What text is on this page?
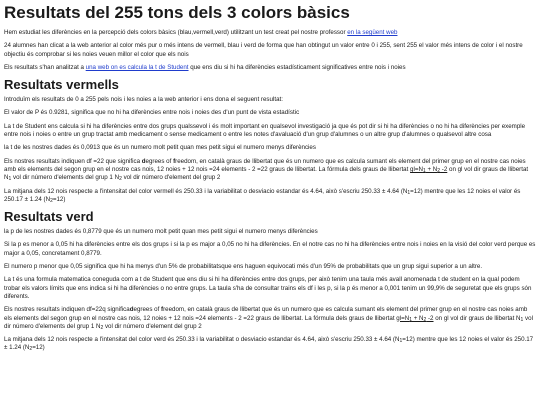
Resultats del 255 tons dels 3 colors bàsics

Hem estudiat les diferències en la percepció dels colors bàsics (blau,vermell,verd) utilitzant un test creat pel nostre professor en la següent web

24 alumnes han clicat a la web anterior al color més pur o més intens de vermell, blau i verd de forma que han obtingut un valor entre 0 i 255, sent 255 el valor més intens de color i el nostre objectiu és comprobar si les noies veuen millor el color que els nois

Els resultats s'han analitzat a una web on es calcula la t de Student que ens diu si hi ha diferències estadísticament significatives entre nois i noies

Resultats vermells

Introduïm els resultats de 0 a 255 pels nois i les noies a la web anterior i ens dona el seguent resultat:

El valor de P és 0.9281, significa que no hi ha diferències entre nois i noies des d'un punt de vista estadístic

La t de Student ens calcula si hi ha diferències entre dos grups qualssevol i és molt important en qualsevol investigació ja que és pot dir si hi ha diferències o no hi ha diferències per exemple entre nois i noies o entre un grup tractat amb medicament o sense medicament o entre les notes d'avaluació d'un grup d'alumnes o un altre grup d'alumnes o qualsevol altre cosa

la t de les nostres dades és 0,0913 que és un numero molt petit quan mes petit sigui el numero menys diferències

Els nostres resultats indiquen df =22 que significa degrees of freedom, en català graus de llibertat que és un numero que es calcula sumant els element del primer grup en el nostre cas noies amb els elements del segon grup en el nostre cas nois, 12 noies + 12 nois =24 elements - 2 =22 graus de llibertat. La fórmula dels graus de llibertat $gl=N_1 + N_2$ -2 on gl vol dir graus de llibertat $N_1$ vol dir número d'elements del grup 1 $N_2$ vol dir número d'element del grup 2

La mitjana dels 12 nois respecte a l'intensitat del color vermell és 250.33 i la variabilitat o desviacio estandar és 4.64, això s'escriu 250.33 ± 4.64 $(N_1=12)$ mentre que les 12 noies el valor és 250.17 ± 1.24 $(N_2=12)$

Resultats verd

la p de les nostres dades és 0,8779 que és un numero molt petit quan mes petit sigui el numero menys diferències

Si la p es menor a 0,05 hi ha diferències entre els dos grups i si la p es major a 0,05 no hi ha diferències. En el notre cas no hi ha diferències entre nois i noies en la visió del color verd perque es major a 0,05, concretament 0,8779.

El numero p menor que 0,05 significa que hi ha menys d'un 5% de probabilitatsque ens haguen equivocati més d'un 95% de probabilitats que un grup sigui superior a un altre.

La t és una formula matematica coneguda com a t de Student que ens diu si hi ha diferències entre dos grups, per això tenim una taula més avall anomenada t de student en la qual podem trobar els valors límits que ens indica si hi ha diferències o no entre grups. La taula s'ha de consultar trains els df i les p, si la p és menor a 0,001 tenim un 99,9% de seguretat que els grups són diferents.

Els nostres resultats indiquen df=22q significadegrees of freedom, en català graus de llibertat que és un numero que es calcula sumant els element del primer grup en el nostre cas noies amb els elements del segon grup en el nostre cas nois, 12 noies + 12 nois =24 elements - 2 =22 graus de llibertat. La fórmula dels graus de llibertat $gl=N_1 + N_2$ -2 on gl vol dir graus de llibertat $N_1$ vol dir número d'elements del grup 1 $N_2$ vol dir número d'element del grup 2

La mitjana dels 12 nois respecte a l'intensitat del color verd és 250.33 i la variabilitat o desviacio estandar és 4.64, això s'escriu 250.33 ± 4.64 $(N_1=12)$ mentre que les 12 noies el valor és 250.17 ± 1.24 $(N_2=12)$
